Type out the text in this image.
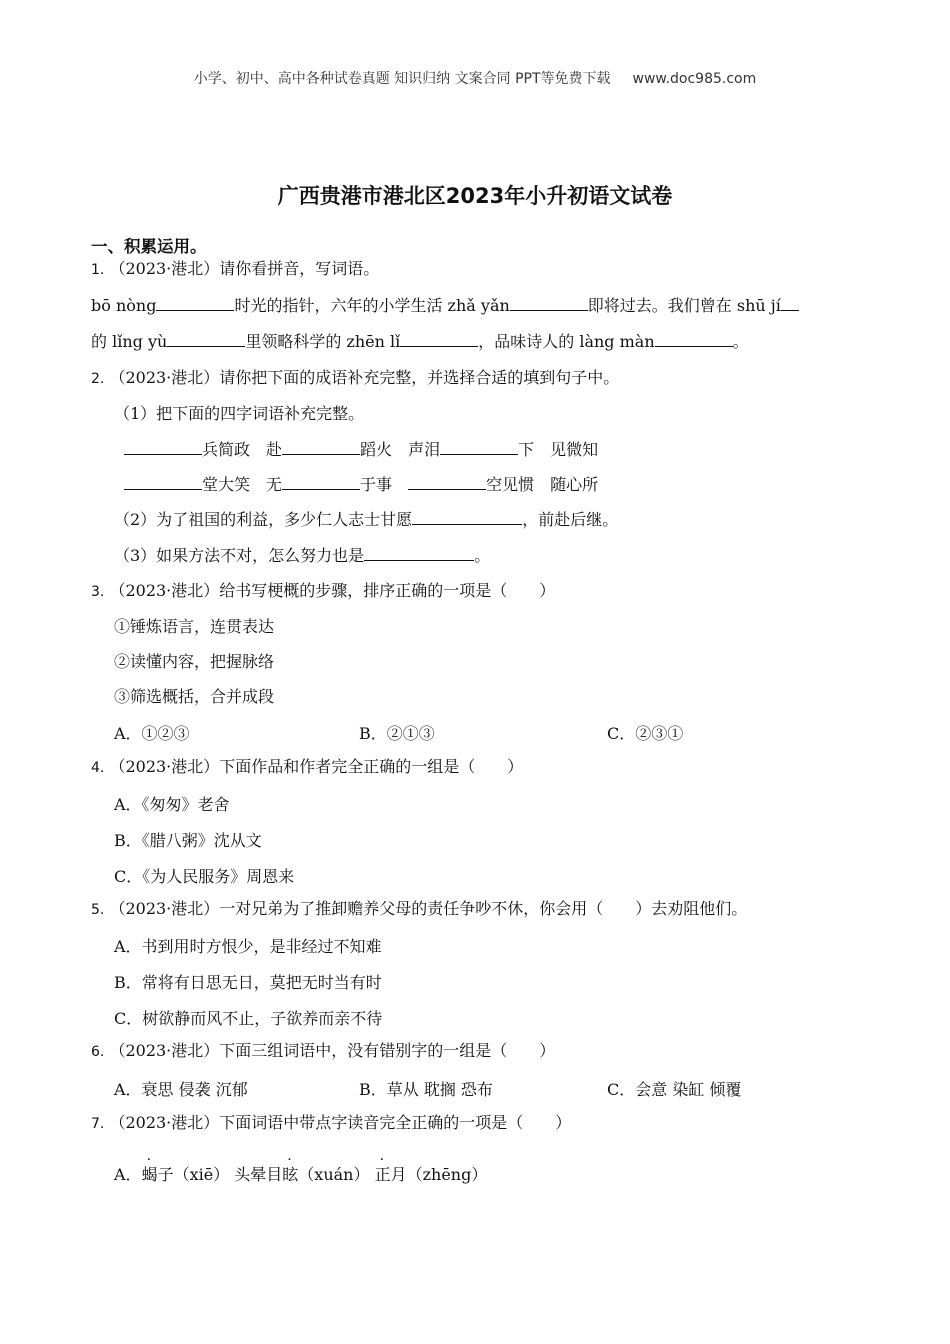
小学、初中、高中各种试卷真题 知识归纳 文案合同 PPT等免费下载 www.doc985.com
广西贵港市港北区2023年小升初语文试卷
一、积累运用。
1. （2023·港北）请你看拼音，写词语。
bō nòng	时光的指针，六年的小学生活 zhǎ yǎn	即将过去。我们曾在 shū jí
的 lǐng yù	里领略科学的 zhēn lǐ	，品味诗人的 làng màn	。
2. （2023·港北）请你把下面的成语补充完整，并选择合适的填到句子中。
（1）把下面的四字词语补充完整。
兵简政　 赴	蹈火　 声泪	下　 见微知
堂大笑　 无	于事　	空见惯　 随心所
（2）为了祖国的利益，多少仁人志士甘愿	，前赴后继。
（3）如果方法不对，怎么努力也是	。
3. （2023·港北）给书写梗概的步骤，排序正确的一项是（　　）
①锤炼语言，连贯表达
②读懂内容，把握脉络
③筛选概括，合并成段
A．①②③	B．②①③	C．②③①
4. （2023·港北）下面作品和作者完全正确的一组是（　　）
A．《匆匆》老舍
B．《腊八粥》沈从文
C．《为人民服务》周恩来
5. （2023·港北）一对兄弟为了推卸赡养父母的责任争吵不休，你会用（　　）去劝阻他们。
A．书到用时方恨少，是非经过不知难
B．常将有日思无日，莫把无时当有时
C．树欲静而风不止，子欲养而亲不待
6. （2023·港北）下面三组词语中，没有错别字的一组是（　　）
A．衰思 侵袭 沉郁	B．草从 耽搁 恐布	C．会意 染缸 倾覆
7. （2023·港北）下面词语中带点字读音完全正确的一项是（　　）
A．蝎子（xiē） 头晕目眩（xuán） 正月（zhēng）
